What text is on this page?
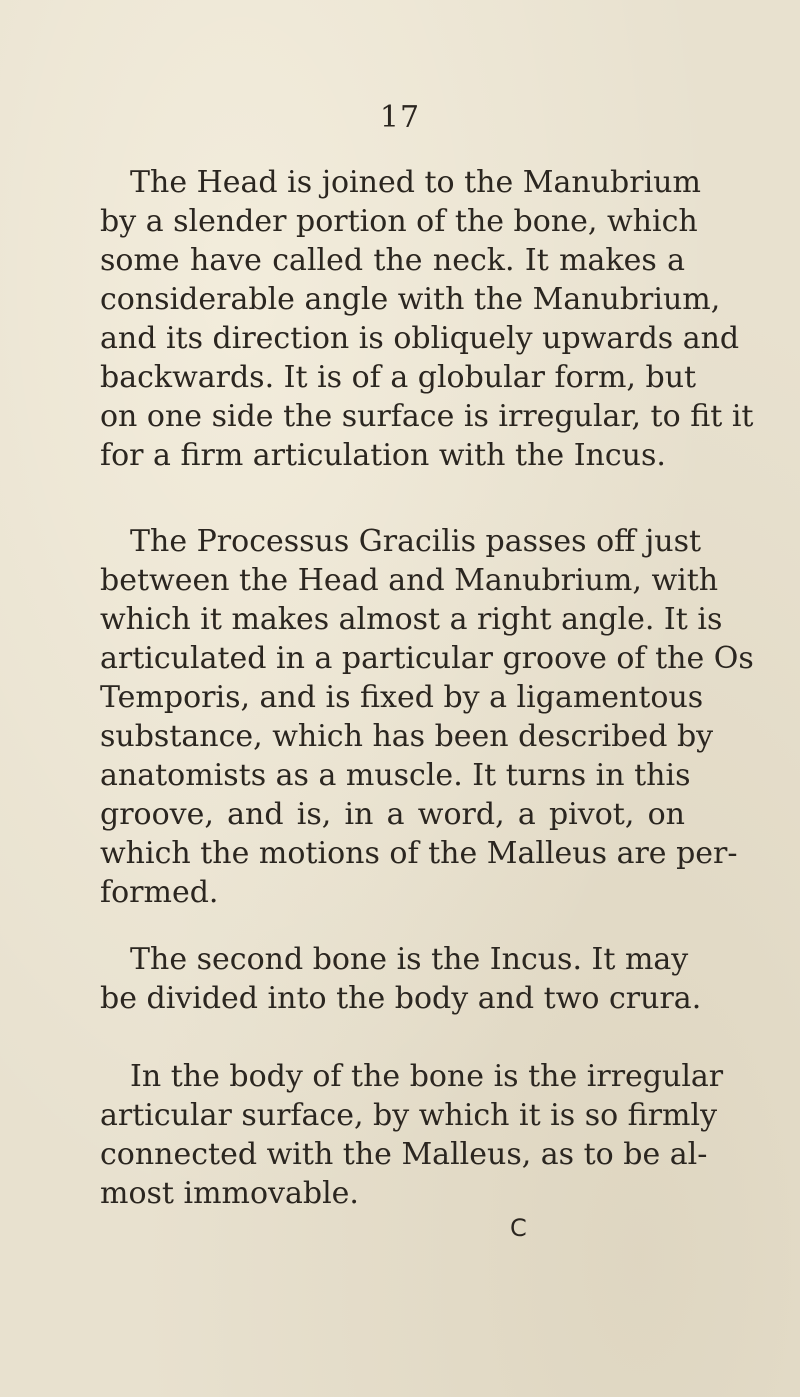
17
The Head is joined to the Manubrium
by a slender portion of the bone, which
some have called the neck. It makes a
considerable angle with the Manubrium,
and its direction is obliquely upwards and
backwards. It is of a globular form, but
on one side the surface is irregular, to fit it
for a firm articulation with the Incus.
The Processus Gracilis passes off just
between the Head and Manubrium, with
which it makes almost a right angle. It is
articulated in a particular groove of the Os
Temporis, and is fixed by a ligamentous
substance, which has been described by
anatomists as a muscle. It turns in this
groove, and is, in a word, a pivot, on
which the motions of the Malleus are per-
formed.
The second bone is the Incus. It may
be divided into the body and two crura.
In the body of the bone is the irregular
articular surface, by which it is so firmly
connected with the Malleus, as to be al-
most immovable.
C
